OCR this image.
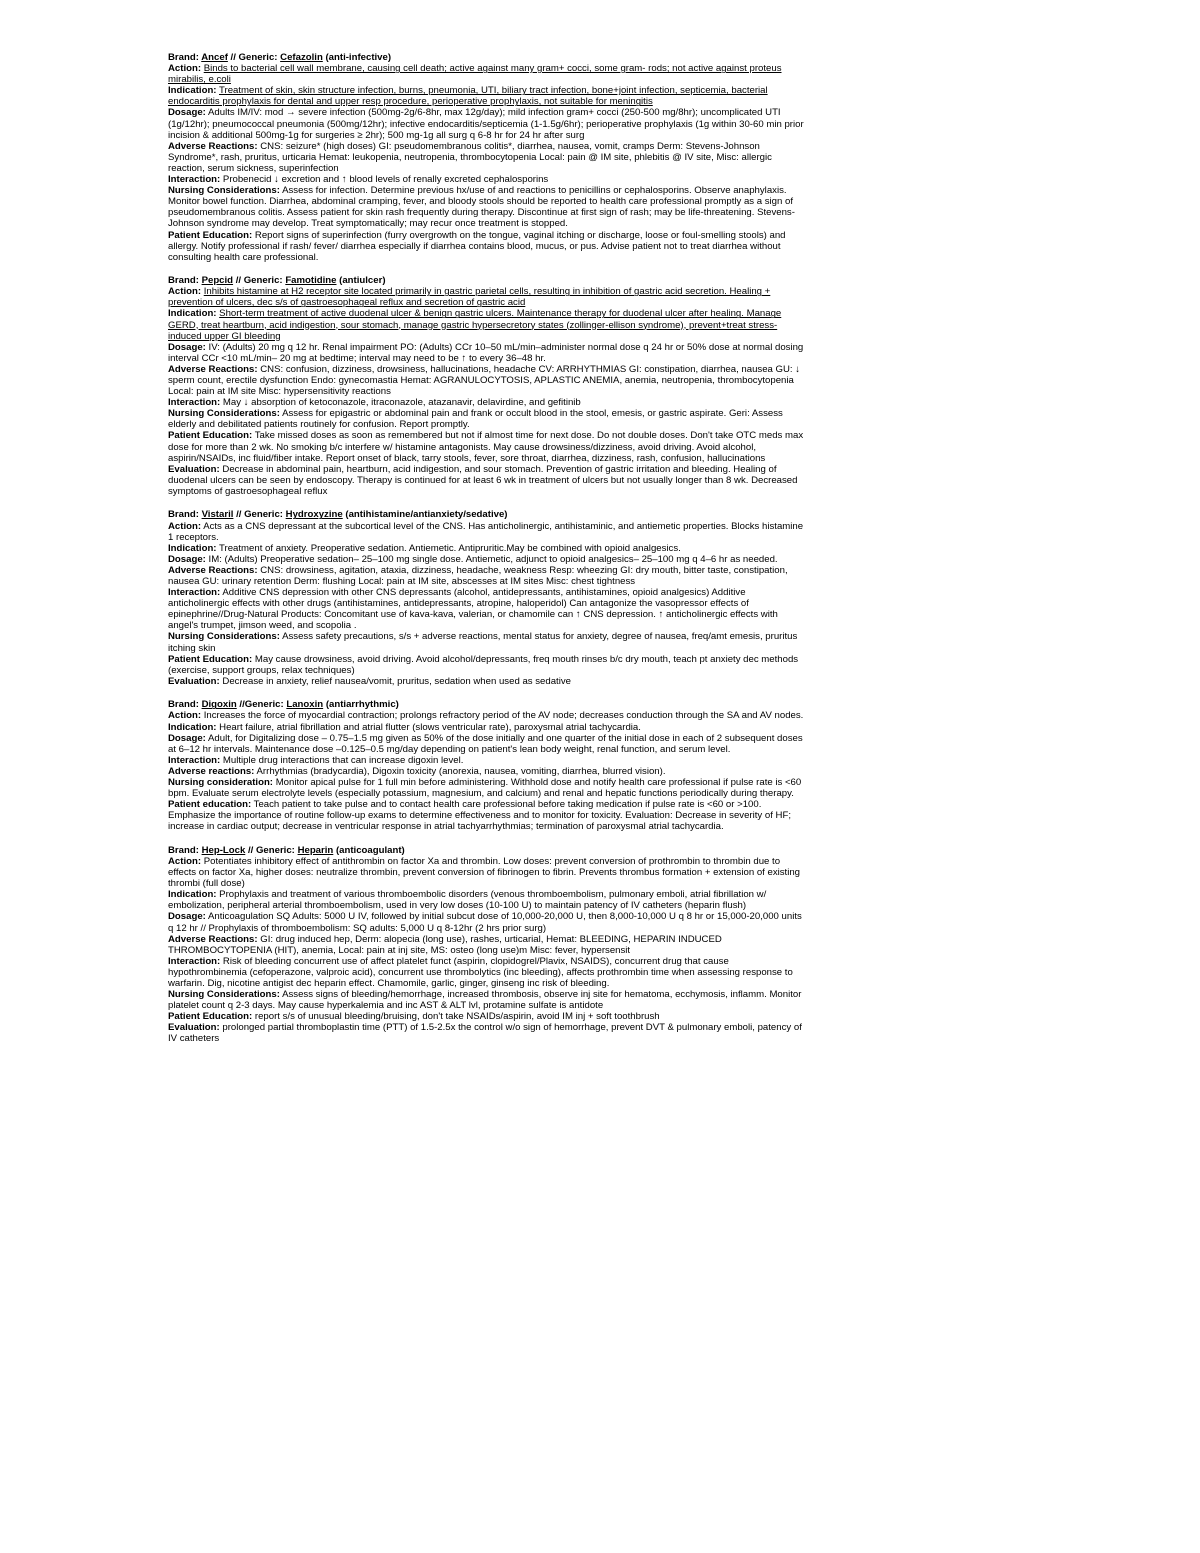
Brand: Ancef // Generic: Cefazolin (anti-infective)

Action: Binds to bacterial cell wall membrane, causing cell death; active against many gram+ cocci, some gram- rods; not active against proteus mirabilis, e.coli

Indication: Treatment of skin, skin structure infection, burns, pneumonia, UTI, biliary tract infection, bone+joint infection, septicemia, bacterial endocarditis prophylaxis for dental and upper resp procedure, perioperative prophylaxis, not suitable for meningitis

Dosage: Adults IM/IV: mod → severe infection (500mg-2g/6-8hr, max 12g/day); mild infection gram+ cocci (250-500 mg/8hr); uncomplicated UTI (1g/12hr); pneumococcal pneumonia (500mg/12hr); infective endocarditis/septicemia (1-1.5g/6hr); perioperative prophylaxis (1g within 30-60 min prior incision & additional 500mg-1g for surgeries ≥ 2hr); 500 mg-1g all surg q 6-8 hr for 24 hr after surg

Adverse Reactions: CNS: seizure* (high doses) GI: pseudomembranous colitis*, diarrhea, nausea, vomit, cramps Derm: Stevens-Johnson Syndrome*, rash, pruritus, urticaria Hemat: leukopenia, neutropenia, thrombocytopenia Local: pain @ IM site, phlebitis @ IV site, Misc: allergic reaction, serum sickness, superinfection

Interaction: Probenecid ↓ excretion and ↑ blood levels of renally excreted cephalosporins

Nursing Considerations: Assess for infection. Determine previous hx/use of and reactions to penicillins or cephalosporins. Observe anaphylaxis. Monitor bowel function. Diarrhea, abdominal cramping, fever, and bloody stools should be reported to health care professional promptly as a sign of pseudomembranous colitis. Assess patient for skin rash frequently during therapy. Discontinue at first sign of rash; may be life-threatening. Stevens-Johnson syndrome may develop. Treat symptomatically; may recur once treatment is stopped.

Patient Education: Report signs of superinfection (furry overgrowth on the tongue, vaginal itching or discharge, loose or foul-smelling stools) and allergy. Notify professional if rash/ fever/ diarrhea especially if diarrhea contains blood, mucus, or pus. Advise patient not to treat diarrhea without consulting health care professional.

Brand: Pepcid // Generic: Famotidine (antiulcer)

Action: Inhibits histamine at H2 receptor site located primarily in gastric parietal cells, resulting in inhibition of gastric acid secretion. Healing + prevention of ulcers, dec s/s of gastroesophageal reflux and secretion of gastric acid

Indication: Short-term treatment of active duodenal ulcer & benign gastric ulcers. Maintenance therapy for duodenal ulcer after healing. Manage GERD, treat heartburn, acid indigestion, sour stomach, manage gastric hypersecretory states (zollinger-ellison syndrome), prevent+treat stress-induced upper GI bleeding

Dosage: IV: (Adults) 20 mg q 12 hr. Renal impairment PO: (Adults) CCr 10–50 mL/min–administer normal dose q 24 hr or 50% dose at normal dosing interval CCr <10 mL/min– 20 mg at bedtime; interval may need to be ↑ to every 36–48 hr.

Adverse Reactions: CNS: confusion, dizziness, drowsiness, hallucinations, headache CV: ARRHYTHMIAS GI: constipation, diarrhea, nausea GU: ↓ sperm count, erectile dysfunction Endo: gynecomastia Hemat: AGRANULOCYTOSIS, APLASTIC ANEMIA, anemia, neutropenia, thrombocytopenia Local: pain at IM site Misc: hypersensitivity reactions

Interaction: May ↓ absorption of ketoconazole, itraconazole, atazanavir, delavirdine, and gefitinib

Nursing Considerations: Assess for epigastric or abdominal pain and frank or occult blood in the stool, emesis, or gastric aspirate. Geri: Assess elderly and debilitated patients routinely for confusion. Report promptly.

Patient Education: Take missed doses as soon as remembered but not if almost time for next dose. Do not double doses. Don't take OTC meds max dose for more than 2 wk. No smoking b/c interfere w/ histamine antagonists. May cause drowsiness/dizziness, avoid driving. Avoid alcohol, aspirin/NSAIDs, inc fluid/fiber intake. Report onset of black, tarry stools, fever, sore throat, diarrhea, dizziness, rash, confusion, hallucinations

Evaluation: Decrease in abdominal pain, heartburn, acid indigestion, and sour stomach. Prevention of gastric irritation and bleeding. Healing of duodenal ulcers can be seen by endoscopy. Therapy is continued for at least 6 wk in treatment of ulcers but not usually longer than 8 wk. Decreased symptoms of gastroesophageal reflux

Brand: Vistaril // Generic: Hydroxyzine (antihistamine/antianxiety/sedative)

Action: Acts as a CNS depressant at the subcortical level of the CNS. Has anticholinergic, antihistaminic, and antiemetic properties. Blocks histamine 1 receptors.

Indication: Treatment of anxiety. Preoperative sedation. Antiemetic. Antipruritic.May be combined with opioid analgesics.

Dosage: IM: (Adults) Preoperative sedation– 25–100 mg single dose. Antiemetic, adjunct to opioid analgesics– 25–100 mg q 4–6 hr as needed.

Adverse Reactions: CNS: drowsiness, agitation, ataxia, dizziness, headache, weakness Resp: wheezing GI: dry mouth, bitter taste, constipation, nausea GU: urinary retention Derm: flushing Local: pain at IM site, abscesses at IM sites Misc: chest tightness

Interaction: Additive CNS depression with other CNS depressants (alcohol, antidepressants, antihistamines, opioid analgesics) Additive anticholinergic effects with other drugs (antihistamines, antidepressants, atropine, haloperidol) Can antagonize the vasopressor effects of epinephrine//Drug-Natural Products: Concomitant use of kava-kava, valerian, or chamomile can ↑ CNS depression. ↑ anticholinergic effects with angel's trumpet, jimson weed, and scopolia .

Nursing Considerations: Assess safety precautions, s/s + adverse reactions, mental status for anxiety, degree of nausea, freq/amt emesis, pruritus itching skin

Patient Education: May cause drowsiness, avoid driving. Avoid alcohol/depressants, freq mouth rinses b/c dry mouth, teach pt anxiety dec methods (exercise, support groups, relax techniques)

Evaluation: Decrease in anxiety, relief nausea/vomit, pruritus, sedation when used as sedative

Brand: Digoxin //Generic: Lanoxin (antiarrhythmic)

Action: Increases the force of myocardial contraction; prolongs refractory period of the AV node; decreases conduction through the SA and AV nodes.

Indication: Heart failure, atrial fibrillation and atrial flutter (slows ventricular rate), paroxysmal atrial tachycardia.

Dosage: Adult, for Digitalizing dose – 0.75–1.5 mg given as 50% of the dose initially and one quarter of the initial dose in each of 2 subsequent doses at 6–12 hr intervals. Maintenance dose –0.125–0.5 mg/day depending on patient's lean body weight, renal function, and serum level.

Interaction: Multiple drug interactions that can increase digoxin level.

Adverse reactions: Arrhythmias (bradycardia), Digoxin toxicity (anorexia, nausea, vomiting, diarrhea, blurred vision).

Nursing consideration: Monitor apical pulse for 1 full min before administering. Withhold dose and notify health care professional if pulse rate is <60 bpm. Evaluate serum electrolyte levels (especially potassium, magnesium, and calcium) and renal and hepatic functions periodically during therapy.

Patient education: Teach patient to take pulse and to contact health care professional before taking medication if pulse rate is <60 or >100. Emphasize the importance of routine follow-up exams to determine effectiveness and to monitor for toxicity. Evaluation: Decrease in severity of HF; increase in cardiac output; decrease in ventricular response in atrial tachyarrhythmias; termination of paroxysmal atrial tachycardia.

Brand: Hep-Lock // Generic: Heparin (anticoagulant)

Action: Potentiates inhibitory effect of antithrombin on factor Xa and thrombin. Low doses: prevent conversion of prothrombin to thrombin due to effects on factor Xa, higher doses: neutralize thrombin, prevent conversion of fibrinogen to fibrin. Prevents thrombus formation + extension of existing thrombi (full dose)

Indication: Prophylaxis and treatment of various thromboembolic disorders (venous thromboembolism, pulmonary emboli, atrial fibrillation w/ embolization, peripheral arterial thromboembolism, used in very low doses (10-100 U) to maintain patency of IV catheters (heparin flush)

Dosage: Anticoagulation SQ Adults: 5000 U IV, followed by initial subcut dose of 10,000-20,000 U, then 8,000-10,000 U q 8 hr or 15,000-20,000 units q 12 hr // Prophylaxis of thromboembolism: SQ adults: 5,000 U q 8-12hr (2 hrs prior surg)

Adverse Reactions: GI: drug induced hep, Derm: alopecia (long use), rashes, urticarial, Hemat: BLEEDING, HEPARIN INDUCED THROMBOCYTOPENIA (HIT), anemia, Local: pain at inj site, MS: osteo (long use)m Misc: fever, hypersensit

Interaction: Risk of bleeding concurrent use of affect platelet funct (aspirin, clopidogrel/Plavix, NSAIDS), concurrent drug that cause hypothrombinemia (cefoperazone, valproic acid), concurrent use thrombolytics (inc bleeding), affects prothrombin time when assessing response to warfarin. Dig, nicotine antigist dec heparin effect. Chamomile, garlic, ginger, ginseng inc risk of bleeding.

Nursing Considerations: Assess signs of bleeding/hemorrhage, increased thrombosis, observe inj site for hematoma, ecchymosis, inflamm. Monitor platelet count q 2-3 days. May cause hyperkalemia and inc AST & ALT lvl, protamine sulfate is antidote

Patient Education: report s/s of unusual bleeding/bruising, don't take NSAIDs/aspirin, avoid IM inj + soft toothbrush

Evaluation: prolonged partial thromboplastin time (PTT) of 1.5-2.5x the control w/o sign of hemorrhage, prevent DVT & pulmonary emboli, patency of IV catheters
